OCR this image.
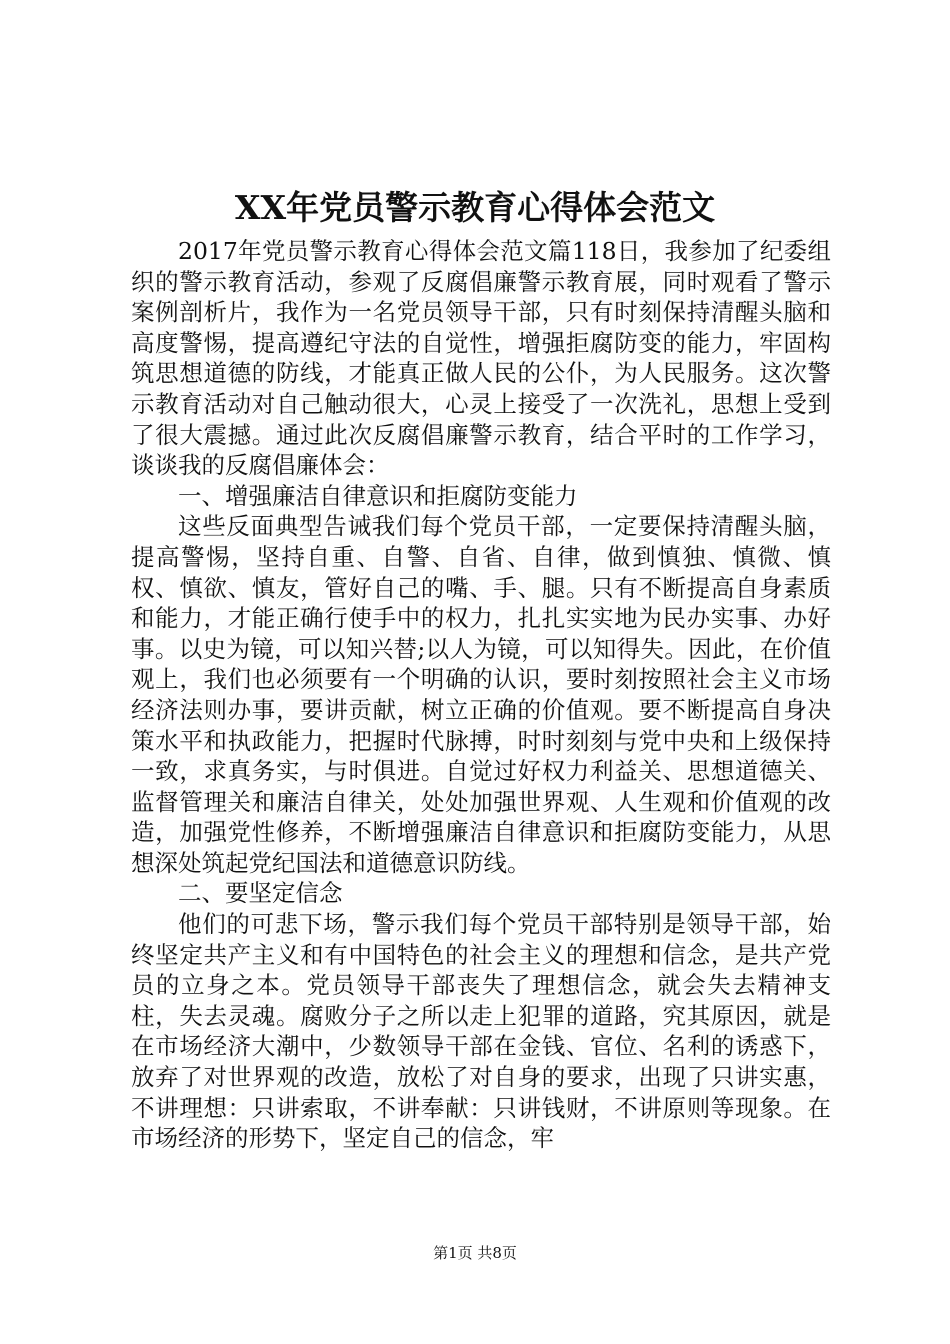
XX年党员警示教育心得体会范文

2017年党员警示教育心得体会范文篇118日，我参加了纪委组织的警示教育活动，参观了反腐倡廉警示教育展，同时观看了警示案例剖析片，我作为一名党员领导干部，只有时刻保持清醒头脑和高度警惕，提高遵纪守法的自觉性，增强拒腐防变的能力，牢固构筑思想道德的防线，才能真正做人民的公仆，为人民服务。这次警示教育活动对自己触动很大，心灵上接受了一次洗礼，思想上受到了很大震撼。通过此次反腐倡廉警示教育，结合平时的工作学习，谈谈我的反腐倡廉体会：

一、增强廉洁自律意识和拒腐防变能力

这些反面典型告诫我们每个党员干部，一定要保持清醒头脑，提高警惕，坚持自重、自警、自省、自律，做到慎独、慎微、慎权、慎欲、慎友，管好自己的嘴、手、腿。只有不断提高自身素质和能力，才能正确行使手中的权力，扎扎实实地为民办实事、办好事。以史为镜，可以知兴替;以人为镜，可以知得失。因此，在价值观上，我们也必须要有一个明确的认识，要时刻按照社会主义市场经济法则办事，要讲贡献，树立正确的价值观。要不断提高自身决策水平和执政能力，把握时代脉搏，时时刻刻与党中央和上级保持一致，求真务实，与时俱进。自觉过好权力利益关、思想道德关、监督管理关和廉洁自律关，处处加强世界观、人生观和价值观的改造，加强党性修养，不断增强廉洁自律意识和拒腐防变能力，从思想深处筑起党纪国法和道德意识防线。

二、要坚定信念

他们的可悲下场，警示我们每个党员干部特别是领导干部，始终坚定共产主义和有中国特色的社会主义的理想和信念，是共产党员的立身之本。党员领导干部丧失了理想信念，就会失去精神支柱，失去灵魂。腐败分子之所以走上犯罪的道路，究其原因，就是在市场经济大潮中，少数领导干部在金钱、官位、名利的诱惑下，放弃了对世界观的改造，放松了对自身的要求，出现了只讲实惠，不讲理想：只讲索取，不讲奉献：只讲钱财，不讲原则等现象。在市场经济的形势下，坚定自己的信念，牢

第1页 共8页
